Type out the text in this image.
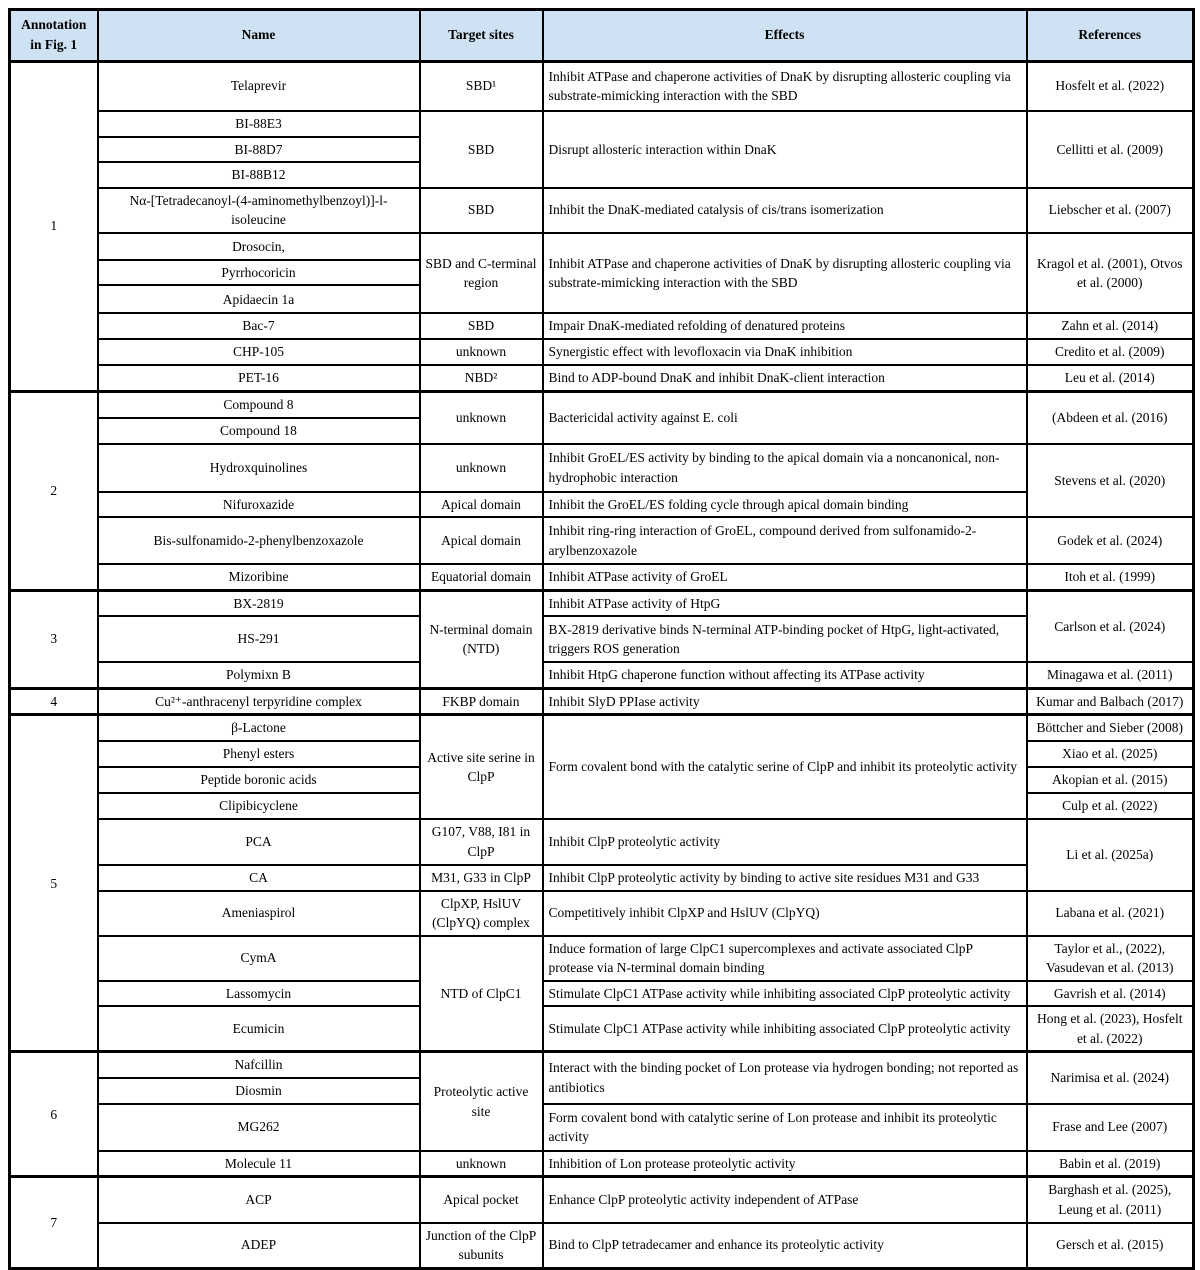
Annotation in Fig. 1	Name	Target sites	Effects	References
1	Telaprevir	SBD¹	Inhibit ATPase and chaperone activities of DnaK by disrupting allosteric coupling via substrate-mimicking interaction with the SBD	Hosfelt et al. (2022)
	BI-88E3	SBD	Disrupt allosteric interaction within DnaK	Cellitti et al. (2009)
	BI-88D7			
	BI-88B12			
	Nα-[Tetradecanoyl-(4-aminomethylbenzoyl)]-l-isoleucine	SBD	Inhibit the DnaK-mediated catalysis of cis/trans isomerization	Liebscher et al. (2007)
	Drosocin,	SBD and C-terminal region	Inhibit ATPase and chaperone activities of DnaK by disrupting allosteric coupling via substrate-mimicking interaction with the SBD	Kragol et al. (2001), Otvos et al. (2000)
	Pyrrhocoricin			
	Apidaecin 1a			
	Bac-7	SBD	Impair DnaK-mediated refolding of denatured proteins	Zahn et al. (2014)
	CHP-105	unknown	Synergistic effect with levofloxacin via DnaK inhibition	Credito et al. (2009)
	PET-16	NBD²	Bind to ADP-bound DnaK and inhibit DnaK-client interaction	Leu et al. (2014)
2	Compound 8	unknown	Bactericidal activity against E. coli	(Abdeen et al. (2016)
	Compound 18			
	Hydroxquinolines	unknown	Inhibit GroEL/ES activity by binding to the apical domain via a noncanonical, non-hydrophobic interaction	Stevens et al. (2020)
	Nifuroxazide	Apical domain	Inhibit the GroEL/ES folding cycle through apical domain binding	
	Bis-sulfonamido-2-phenylbenzoxazole	Apical domain	Inhibit ring-ring interaction of GroEL, compound derived from sulfonamido-2-arylbenzoxazole	Godek et al. (2024)
	Mizoribine	Equatorial domain	Inhibit ATPase activity of GroEL	Itoh et al. (1999)
3	BX-2819	N-terminal domain (NTD)	Inhibit ATPase activity of HtpG	Carlson et al. (2024)
	HS-291		BX-2819 derivative binds N-terminal ATP-binding pocket of HtpG, light-activated, triggers ROS generation	
	Polymixn B		Inhibit HtpG chaperone function without affecting its ATPase activity	Minagawa et al. (2011)
4	Cu²⁺-anthracenyl terpyridine complex	FKBP domain	Inhibit SlyD PPIase activity	Kumar and Balbach (2017)
5	β-Lactone	Active site serine in ClpP	Form covalent bond with the catalytic serine of ClpP and inhibit its proteolytic activity	Böttcher and Sieber (2008)
	Phenyl esters			Xiao et al. (2025)
	Peptide boronic acids			Akopian et al. (2015)
	Clipibicyclene			Culp et al. (2022)
	PCA	G107, V88, I81 in ClpP	Inhibit ClpP proteolytic activity	Li et al. (2025a)
	CA	M31, G33 in ClpP	Inhibit ClpP proteolytic activity by binding to active site residues M31 and G33	
	Ameniaspirol	ClpXP, HslUV (ClpYQ) complex	Competitively inhibit ClpXP and HslUV (ClpYQ)	Labana et al. (2021)
	CymA	NTD of ClpC1	Induce formation of large ClpC1 supercomplexes and activate associated ClpP protease via N-terminal domain binding	Taylor et al., (2022), Vasudevan et al. (2013)
	Lassomycin		Stimulate ClpC1 ATPase activity while inhibiting associated ClpP proteolytic activity	Gavrish et al. (2014)
	Ecumicin		Stimulate ClpC1 ATPase activity while inhibiting associated ClpP proteolytic activity	Hong et al. (2023), Hosfelt et al. (2022)
6	Nafcillin	Proteolytic active site	Interact with the binding pocket of Lon protease via hydrogen bonding; not reported as antibiotics	Narimisa et al. (2024)
	Diosmin			
	MG262		Form covalent bond with catalytic serine of Lon protease and inhibit its proteolytic activity	Frase and Lee (2007)
	Molecule 11	unknown	Inhibition of Lon protease proteolytic activity	Babin et al. (2019)
7	ACP	Apical pocket	Enhance ClpP proteolytic activity independent of ATPase	Barghash et al. (2025), Leung et al. (2011)
	ADEP	Junction of the ClpP subunits	Bind to ClpP tetradecamer and enhance its proteolytic activity	Gersch et al. (2015)
